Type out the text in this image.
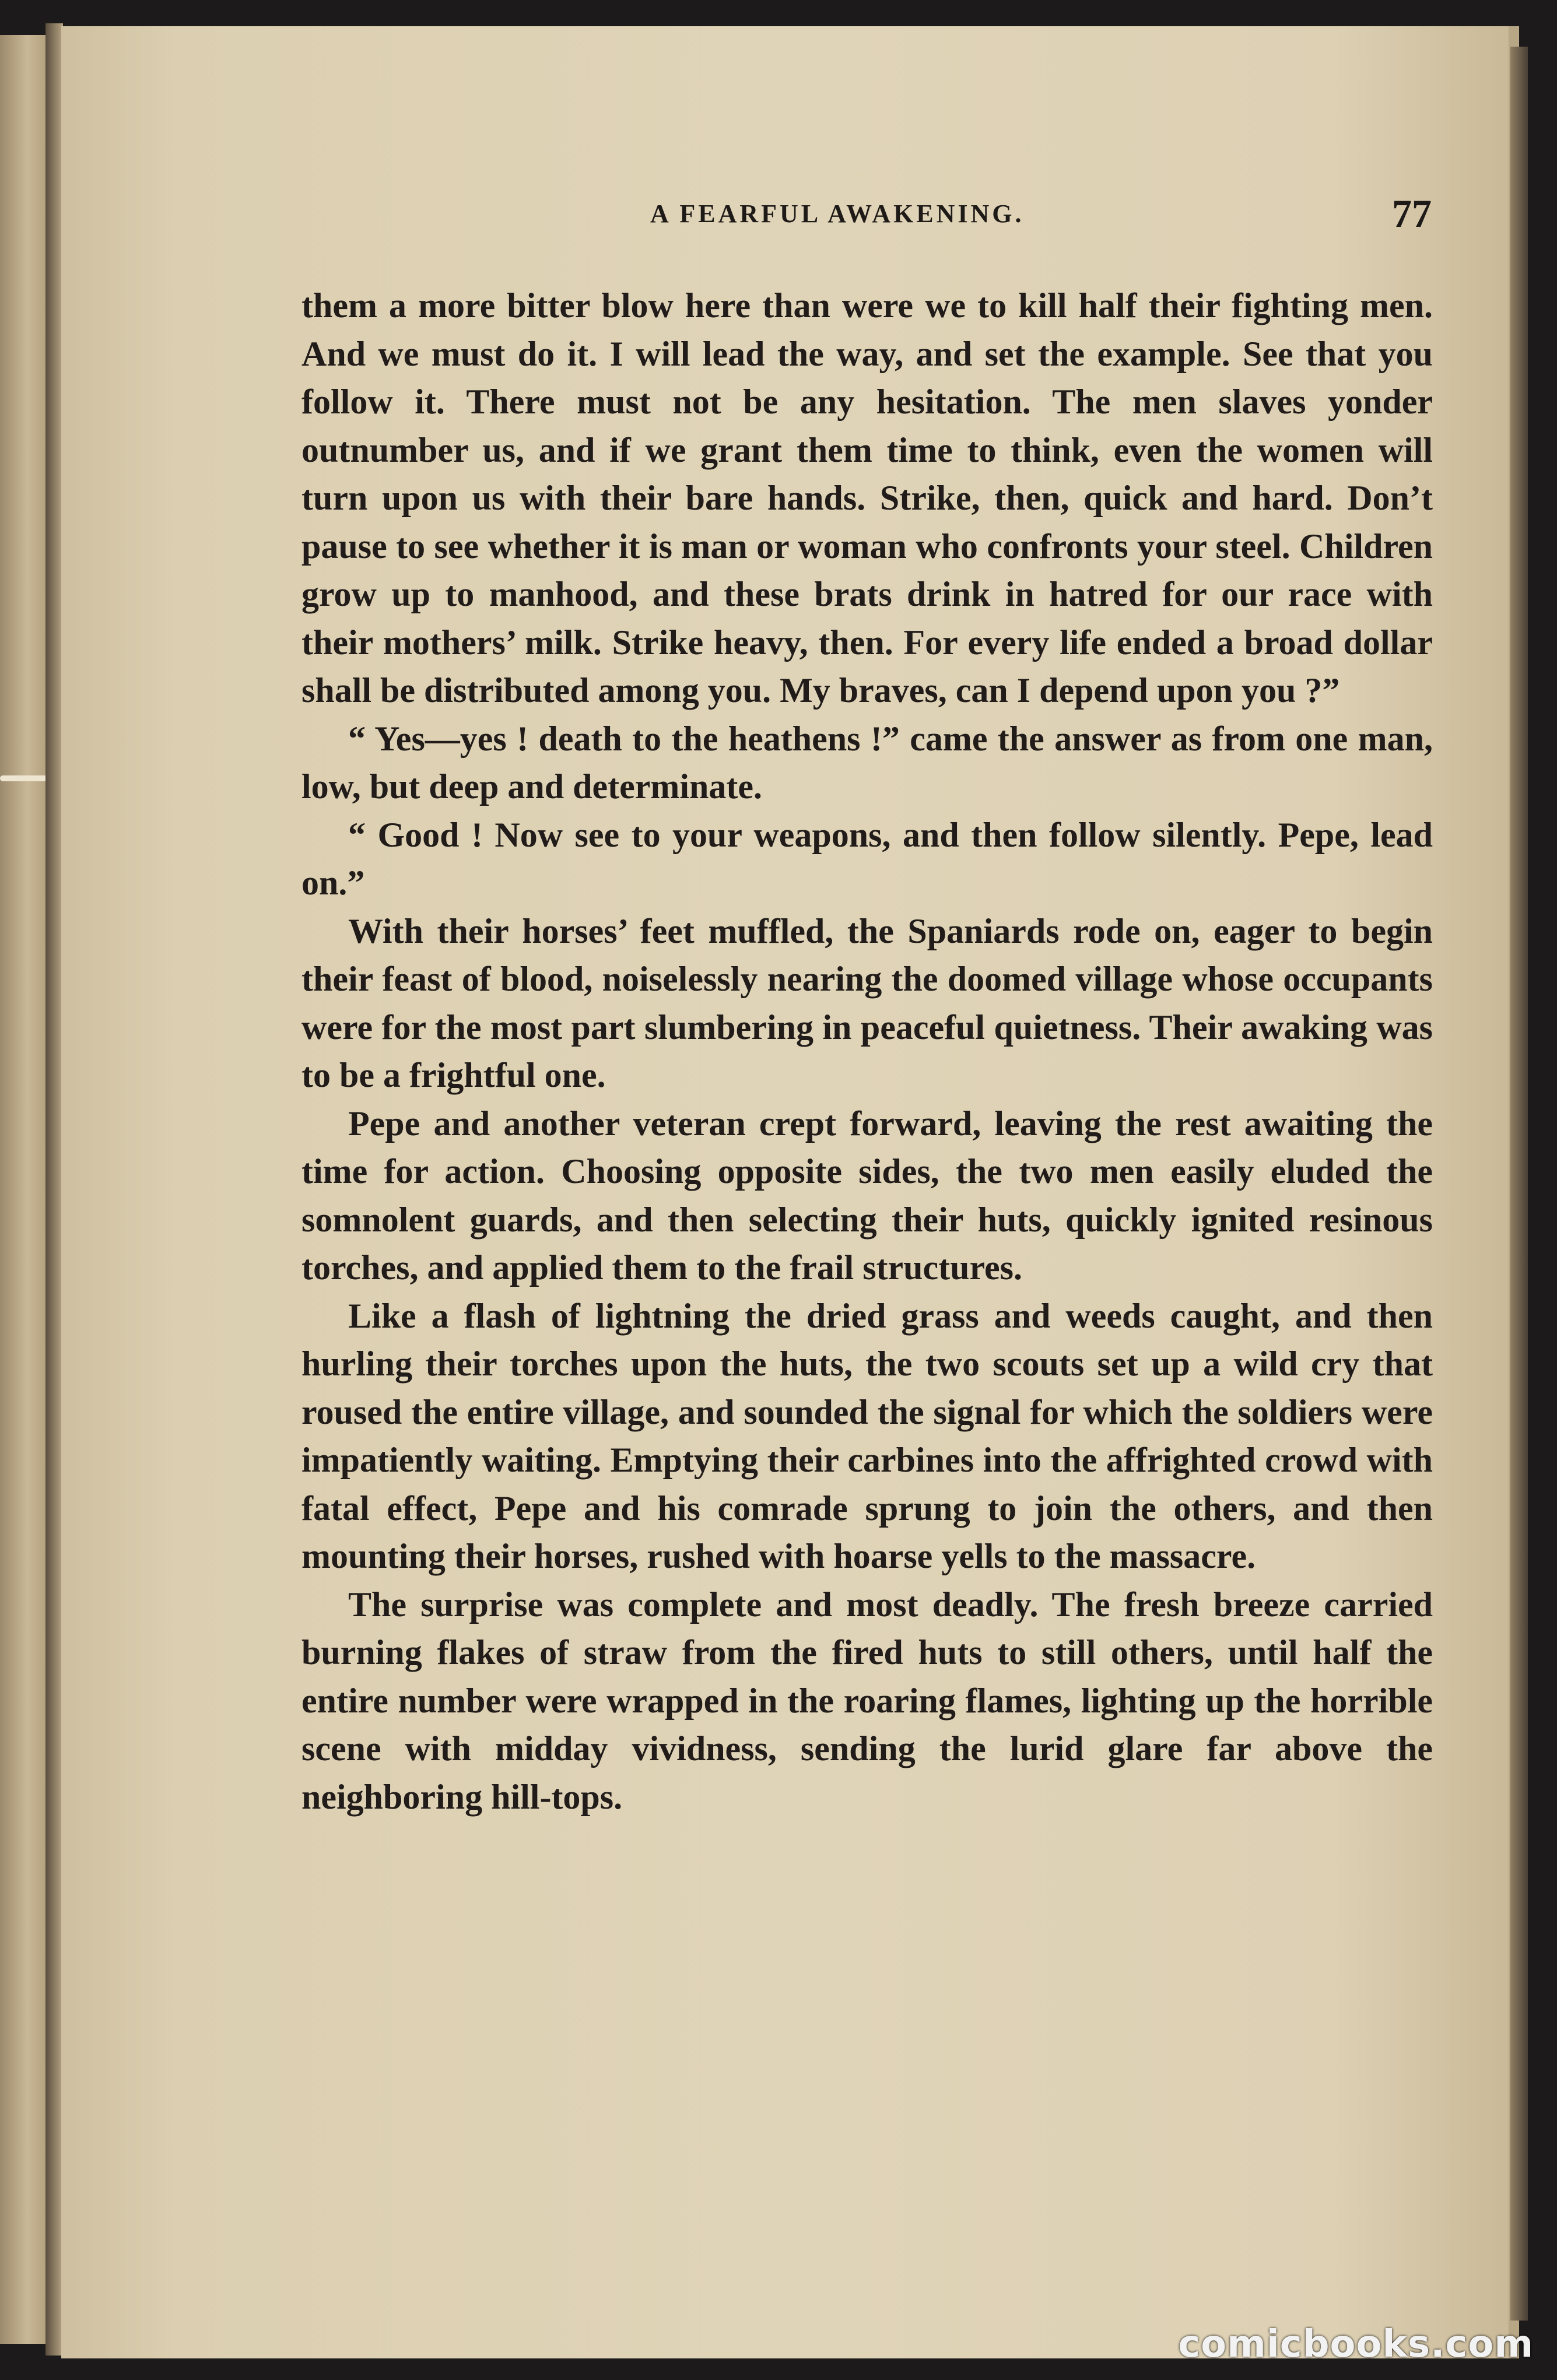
A FEARFUL AWAKENING.	77

them a more bitter blow here than were we to kill half their fighting men. And we must do it. I will lead the way, and set the example. See that you follow it. There must not be any hesitation. The men slaves yonder outnumber us, and if we grant them time to think, even the women will turn upon us with their bare hands. Strike, then, quick and hard. Don’t pause to see whether it is man or woman who confronts your steel. Children grow up to manhood, and these brats drink in hatred for our race with their mothers’ milk. Strike heavy, then. For every life ended a broad dollar shall be distributed among you. My braves, can I depend upon you ?”

“ Yes—yes ! death to the heathens !” came the answer as from one man, low, but deep and determinate.

“ Good ! Now see to your weapons, and then follow silently. Pepe, lead on.”

With their horses’ feet muffled, the Spaniards rode on, eager to begin their feast of blood, noiselessly nearing the doomed village whose occupants were for the most part slumbering in peaceful quietness. Their awaking was to be a frightful one.

Pepe and another veteran crept forward, leaving the rest awaiting the time for action. Choosing opposite sides, the two men easily eluded the somnolent guards, and then selecting their huts, quickly ignited resinous torches, and applied them to the frail structures.

Like a flash of lightning the dried grass and weeds caught, and then hurling their torches upon the huts, the two scouts set up a wild cry that roused the entire village, and sounded the signal for which the soldiers were impatiently waiting. Emptying their carbines into the affrighted crowd with fatal effect, Pepe and his comrade sprung to join the others, and then mounting their horses, rushed with hoarse yells to the massacre.

The surprise was complete and most deadly. The fresh breeze carried burning flakes of straw from the fired huts to still others, until half the entire number were wrapped in the roaring flames, lighting up the horrible scene with midday vividness, sending the lurid glare far above the neighboring hill-tops.

comicbooks.com
